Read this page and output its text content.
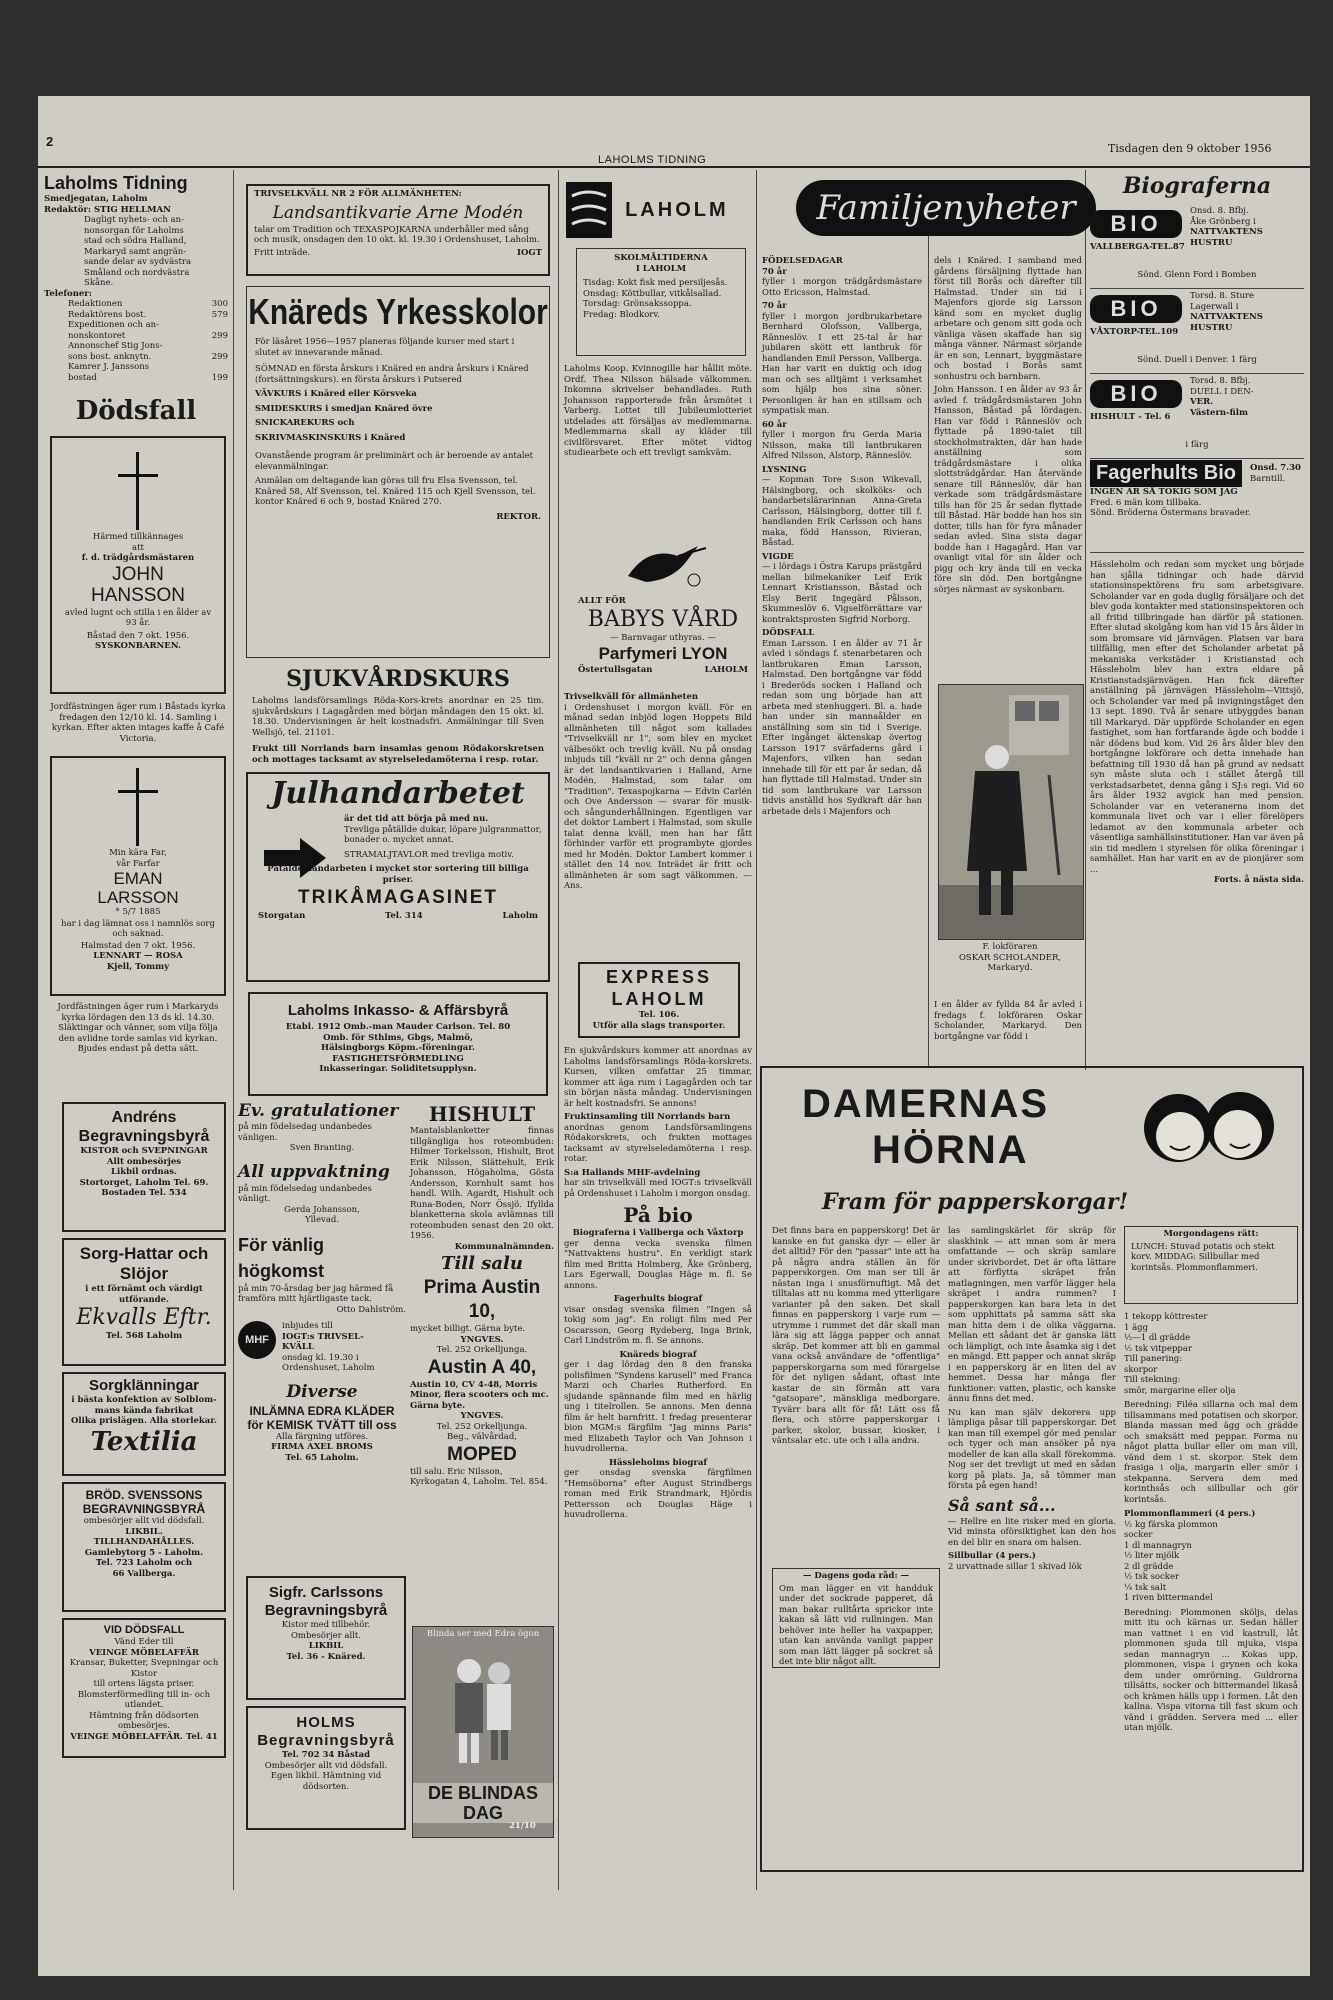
2
LAHOLMS TIDNING
Tisdagen den 9 oktober 1956
Laholms Tidning
Smedjegatan, Laholm
Redaktör: STIG HELLMAN
Dagligt nyhets- och an-
nonsorgan för Laholms
stad och södra Halland,
Markaryd samt angrän-
sande delar av sydvästra
Småland och nordvästra
Skåne.
Telefoner:
Redaktionen	300
Redaktörens bost.	579
Expeditionen och an-
nonskontoret	299
Annonschef Stig Jons-
sons bost. anknytn.	299
Kamrer J. Janssons
bostad	199
Dödsfall
Härmed tillkännages
att
f. d. trädgårdsmästaren
JOHN
HANSSON
avled lugnt och stilla i en ålder av 93 år.
Båstad den 7 okt. 1956.
SYSKONBARNEN.
Jordfästningen äger rum i Båstads kyrka fredagen den 12/10 kl. 14. Samling i kyrkan. Efter akten intages kaffe å Café Victoria.
Min kära Far,
vår Farfar
EMAN
LARSSON
* 5/7 1885
har i dag lämnat oss i namnlös sorg och saknad.
Halmstad den 7 okt. 1956.
LENNART — ROSA
Kjell, Tommy
Jordfästningen äger rum i Markaryds kyrka lördagen den 13 ds kl. 14.30. Släktingar och vänner, som vilja följa den avlidne torde samlas vid kyrkan. Bjudes endast på detta sätt.
Andréns Begravningsbyrå
KISTOR och SVEPNINGAR
Allt ombesörjes
Likbil ordnas.
Stortorget, Laholm Tel. 69.
Bostaden Tel. 534
Sorg-Hattar och Slöjor
i ett förnämt och värdigt
utförande.
Ekvalls Eftr.
Tel. 568 Laholm
Sorgklänningar
i bästa konfektion av Solblom-
mans kända fabrikat
Olika prislägen. Alla storlekar.
Textilia
BRÖD. SVENSSONS BEGRAVNINGSBYRÅ
ombesörjer allt vid dödsfall.
LIKBIL.
TILLHANDAHÅLLES.
Gamlebytorg 5 - Laholm.
Tel. 723 Laholm och
66 Vallberga.
VID DÖDSFALL
Vänd Eder till
VEINGE MÖBELAFFÄR
Kransar, Buketter, Svepningar och Kistor
till ortens lägsta priser.
Blomsterförmedling till in- och utlandet.
Hämtning från dödsorten ombesörjes.
VEINGE MÖBELAFFÄR. Tel. 41
TRIVSELKVÄLL NR 2 FÖR ALLMÄNHETEN:
Landsantikvarie Arne Modén
talar om Tradition och TEXASPOJKARNA underhåller med sång och musik, onsdagen den 10 okt. kl. 19.30 i Ordenshuset, Laholm.
Fritt inträde.	IOGT
Knäreds Yrkesskolor
För läsåret 1956—1957 planeras följande kurser med start i slutet av innevarande månad.
SÖMNAD en första årskurs i Knäred en andra årskurs i Knäred (fortsättningskurs). en första årskurs i Putsered
VÄVKURS i Knäred eller Körsveka
SMIDESKURS i smedjan Knäred övre
SNICKAREKURS och
SKRIVMASKINSKURS i Knäred
Ovanstående program är preliminärt och är beroende av antalet elevanmälningar.
Anmälan om deltagande kan göras till fru Elsa Svensson, tel. Knäred 58, Alf Svensson, tel. Knäred 115 och Kjell Svensson, tel. kontor Knäred 6 och 9, bostad Knäred 270.
REKTOR.
SJUKVÅRDSKURS
Laholms landsförsamlings Röda-Kors-krets anordnar en 25 tim. sjukvårdskurs i Lagagården med början måndagen den 15 okt. kl. 18.30. Undervisningen är helt kostnadsfri. Anmälningar till Sven Wellsjö, tel. 21101.
Frukt till Norrlands barn insamlas genom Rödakorskretsen och mottages tacksamt av styrelseledamöterna i resp. rotar.
Julhandarbetet
är det tid att börja på med nu.
Trevliga påtällde dukar, löpare julgranmattor, bonader o. mycket annat.
STRAMALJTAVLOR med trevliga motiv.
Påtälde handarbeten i mycket stor sortering till billiga priser.
TRIKÅMAGASINET
Storgatan	Tel. 314	Laholm
Laholms Inkasso- & Affärsbyrå
Etabl. 1912 Omb.-man Mauder Carlson. Tel. 80
Omb. för Sthlms, Gbgs, Malmö,
Hälsingborgs Köpm.-föreningar.
FASTIGHETSFÖRMEDLING
Inkasseringar. Soliditetsupplysn.
Ev. gratulationer
på min födelsedag undanbedes vänligen.
Sven Branting.
All uppvaktning
på min födelsedag undanbedes vänligt.
Gerda Johansson,
Yllevad.
För vänlig högkomst
på min 70-årsdag ber jag härmed få framföra mitt hjärtligaste tack.
Otto Dahlström.
MHF
inbjudes till
IOGT:s TRIVSEL-
KVÄLL
onsdag kl. 19.30 i
Ordenshuset, Laholm
Diverse
INLÄMNA EDRA KLÄDER
för KEMISK TVÄTT till oss
Alla färgning utföres.
FIRMA AXEL BROMS
Tel. 65 Laholm.
Sigfr. Carlssons Begravningsbyrå
Kistor med tillbehör.
Ombesörjer allt.
LIKBIL
Tel. 36 - Knäred.
HOLMS Begravningsbyrå
Tel. 702 34 Båstad
Ombesörjer allt vid dödsfall.
Egen likbil. Hämtning vid
dödsorten.
HISHULT
Mantalsblanketter finnas tillgängliga hos roteombuden: Hilmer Torkelsson, Hishult, Brot Erik Nilsson, Slättehult, Erik Johansson, Högaholma, Gösta Andersson, Kornhult samt hos handl. Wilh. Agardt, Hishult och Runa-Boden, Norr Össjö. Ifyllda blanketterna skola avlämnas till roteombuden senast den 20 okt. 1956.
Kommunalnämnden.
Till salu
Prima Austin 10,
mycket billigt. Gärna byte.
YNGVES.
Tel. 252 Orkelljunga.
Austin A 40,
Austin 10, CV 4-48, Morris Minor, flera scooters och mc. Gärna byte.
YNGVES.
Tel. 252 Orkelljunga.
Beg., välvårdad,
MOPED
till salu. Eric Nilsson, Kyrkogatan 4, Laholm. Tel. 854.
Blinda ser med Edra ögon
DE BLINDAS DAG
21/10
LAHOLM
SKOLMÅLTIDERNA
I LAHOLM
Tisdag: Kokt fisk med persiljesås.
Onsdag: Köttbullar, vitkålsallad.
Torsdag: Grönsakssoppa.
Fredag: Blodkorv.
Laholms Koop. Kvinnogille har hållit möte. Ordf. Thea Nilsson hälsade välkommen. Inkomna skrivelser behandlades. Ruth Johansson rapporterade från årsmötet i Varberg. Lottet till Jubileumlotteriet utdelades att försäljas av medlemmarna. Medlemmarna skall ay kläder till civilförsvaret. Efter mötet vidtog studiearbete och ett trevligt samkväm.
ALLT FÖR
BABYS VÅRD
— Barnvagar uthyras. —
Parfymeri LYON
Östertullsgatan	LAHOLM
Trivselkväll för allmänheten
i Ordenshuset i morgon kväll. För en månad sedan inbjöd logen Hoppets Bild allmänheten till något som kallades "Trivselkväll nr 1", som blev en mycket välbesökt och trevlig kväll. Nu på onsdag inbjuds till "kväll nr 2" och denna gången är det landsantikvarien i Halland, Arne Modén, Halmstad, som talar om "Tradition". Texaspojkarna — Edvin Carlén och Ove Andersson — svarar för musik- och sångunderhållningen. Egentligen var det doktor Lambert i Halmstad, som skulle talat denna kväll, men han har fått förhinder varför ett programbyte gjordes med hr Modén. Doktor Lambert kommer i stället den 14 nov. Inträdet är fritt och allmänheten är som sagt välkommen. — Ans.
EXPRESS LAHOLM
Tel. 106.
Utför alla slags transporter.

En sjukvårdskurs kommer att anordnas av Laholms landsförsamlings Röda-korskrets. Kursen, vilken omfattar 25 timmar, kommer att äga rum i Lagagården och tar sin början nästa måndag. Undervisningen är helt kostnadsfri. Se annons!

Fruktinsamling till Norrlands barn

anordnas genom Landsförsamlingens Rödakorskrets, och frukten mottages tacksamt av styrelseledamöterna i resp. rotar.

S:a Hallands MHF-avdelning

har sin trivselkväll med IOGT:s trivselkväll på Ordenshuset i Laholm i morgon onsdag.

På bio
Biograferna i Vallberga och Våxtorp

ger denna vecka svenska filmen "Nattvaktens hustru". En verkligt stark film med Britta Holmberg, Åke Grönberg, Lars Egerwall, Douglas Häge m. fl. Se annons.

Fagerhults biograf

visar onsdag svenska filmen "Ingen så tokig som jag". En roligt film med Per Oscarsson, Georg Rydeberg, Inga Brink, Carl Lindström m. fl. Se annons.

Knäreds biograf

ger i dag lördag den 8 den franska polisfilmen "Syndens karusell" med Franca Marzi och Charles Rutherford. En sjudande spännande film med en härlig ung i titelrollen. Se annons. Men denna film är helt barnfritt. I fredag presenterar bion MGM:s färgfilm "Jag minns Paris" med Elizabeth Taylor och Van Johnson i huvudrollerna.

Hässleholms biograf

ger onsdag svenska färgfilmen "Hemsöborna" efter August Strindbergs roman med Erik Strandmark, Hjördis Pettersson och Douglas Häge i huvudrollerna.

Familjenyheter
FÖDELSEDAGAR
70 år

fyller i morgon trädgårdsmästare Otto Ericsson, Halmstad.

70 år

fyller i morgon jordbrukarbetare Bernhard Olofsson, Vallberga, Ränneslöv. I ett 25-tal år har jubilaren skött ett lantbruk för handlanden Emil Persson, Vallberga. Han har varit en duktig och idog man och ses alltjämt i verksamhet som hjälp hos sina söner. Personligen är han en stillsam och sympatisk man.

60 år

fyller i morgon fru Gerda Maria Nilsson, maka till lantbrukaren Alfred Nilsson, Alstorp, Ränneslöv.

LYSNING

— Kopman Tore S:son Wikevall, Hälsingborg, och skolköks- och handarbetslärarinnan Anna-Greta Carlsson, Hälsingborg, dotter till f. handlanden Erik Carlsson och hans maka, född Hansson, Rivieran, Båstad.

VIGDE

— i lördags i Östra Karups prästgård mellan bilmekaniker Leif Erik Lennart Kristiansson, Båstad och Elsy Berit Ingegärd Pålsson, Skummeslöv 6. Vigselförrättare var kontraktsprosten Sigfrid Norborg.

DÖDSFALL

Eman Larsson. I en ålder av 71 år avled i söndags f. stenarbetaren och lantbrukaren Eman Larsson, Halmstad. Den bortgångne var född i Brederöds socken i Halland och redan som ung började han att arbeta med stenhuggeri. Bl. a. hade han under sin mannaålder en anställning som sin tid i Sverige. Efter ingånget äktenskap övertog Larsson 1917 svärfaderns gård i Majenfors, vilken han sedan innehade till för ett par år sedan, då han flyttade till Halmstad. Under sin tid som lantbrukare var Larsson tidvis anställd hos Sydkraft där han arbetade dels i Majenfors och

dels i Knäred. I samband med gårdens försäljning flyttade han först till Borås och därefter till Halmstad. Under sin tid i Majenfors gjorde sig Larsson känd som en mycket duglig arbetare och genom sitt goda och vänliga väsen skaffade han sig många vänner. Närmast sörjande är en son, Lennart, byggmästare och bostad i Borås samt sonhustru och barnbarn.

John Hansson. I en ålder av 93 år avled f. trädgårdsmästaren John Hansson, Båstad på lördagen. Han var född i Ränneslöv och flyttade på 1890-talet till stockholmstrakten, där han hade anställning som trädgårdsmästare i olika slottsträdgårdar. Han återvände senare till Ränneslöv, där han verkade som trädgårdsmästare tills han för 25 år sedan flyttade till Båstad. Här bodde han hos sin dotter, tills han för fyra månader sedan avled. Sina sista dagar bodde han i Hagagård. Han var ovanligt vital för sin ålder och pigg och kry ända till en vecka före sin död. Den bortgångne sörjes närmast av syskonbarn.

F. lokföraren
OSKAR SCHOLANDER,
Markaryd.
I en ålder av fyllda 84 år avled i fredags f. lokföraren Oskar Scholander, Markaryd. Den bortgångne var född i
Biograferna
BIO
VALLBERGA-TEL.87
Onsd. 8. Bfbj.
Åke Grönberg i
NATTVAKTENS
HUSTRU
Sönd. Glenn Ford i Bomben
BIO
VÅXTORP-TEL.109
Torsd. 8. Sture
Lagerwall i
NATTVAKTENS
HUSTRU
Sönd. Duell i Denver. 1 färg
BIO
HISHULT - Tel. 6
Torsd. 8. Bfbj.
DUELL I DEN-
VER.
Västern-film
i färg
Fagerhults Bio	Onsd. 7.30
Barntill.
INGEN ÄR SÅ TOKIG SOM JAG
Fred. 6 män kom tillbaka.
Sönd. Bröderna Östermans bravader.
Hässleholm och redan som mycket ung började han sjålla tidningar och hade därvid stationsinspektörens fru som arbetsgivare. Scholander var en goda duglig försäljare och det blev goda kontakter med stationsinspektoren och all fritid tillbringade han därför på stationen. Efter slutad skolgång kom han vid 15 års ålder in som bromsare vid järnvägen. Platsen var bara tillfällig, men efter det Scholander arbetat på mekaniska verkstäder i Kristianstad och Hässleholm blev han extra eldare på Kristianstadsjärnvägen. Han fick därefter anställning på järnvägen Hässleholm—Vittsjö, och Scholander var med på invigningståget den 13 sept. 1890. Två år senare utbyggdes banan till Markaryd. Där uppförde Scholander en egen fastighet, som han fortfarande ägde och bodde i när dödens bud kom. Vid 26 års ålder blev den bortgångne lokförare och detta innehade han befattning till 1930 då han på grund av nedsatt syn måste sluta och i stället återgå till verkstadsarbetet, denna gång i SJ:s regi. Vid 60 års ålder 1932 avgick han med pension. Scholander var en veteranerna inom det kommunala livet och var i eller förelöpers ledamot av den kommunala arbeter och väsentliga samhällsinstitutioner. Han var även på sin tid medlem i styrelsen för olika föreningar i samhället. Han har varit en av de pionjärer som ...
Forts. å nästa sida.
DAMERNAS
HÖRNA
Fram för papperskorgar!

Det finns bara en papperskorg! Det är kanske en fut ganska dyr — eller är det alltid? För den "passar" inte att ha på några andra ställen än för papperskorgen. Om man ser till är nästan inga i snusförnuftigt. Må det tilltalas att nu komma med ytterligare varianter på den saken. Det skall finnas en papperskorg i varje rum — utrymme i rummet det där skall man lära sig att lägga papper och annat skräp. Det kommer att bli en gammal vana också användare de "offentliga" papperskorgarna som med förargelse för det nyligen sådant, oftast inte kastar de sin förmån att vara "gatsopare", mänskliga medborgare. Tyvärr bara allt för få! Lätt oss få flera, och större papperskorgar i parker, skolor, bussar, kiosker, i väntsalar etc. ute och i alla andra.

— Dagens goda råd: —
Om man lägger en vit handduk under det sockrade papperet, då man bakar rulltårta sprickor inte kakan så lätt vid rullningen. Man behöver inte heller ha vaxpapper, utan kan använda vanligt papper som man lätt lägger på sockret så det inte blir något allt.

las samlingskärlet för skräp för slaskhink — att mnan som är mera omfattande — och skräp samlare under skrivbordet. Det är ofta lättare att förflytta skräpet från matlagningen, men varför lägger hela skräpet i andra rummen? I papperskorgen kan bara leta in det som upphittats på samma sätt ska man hitta dem i de olika väggarna. Mellan ett sådant det är ganska lätt och lämpligt, och inte åsamka sig i det en mängd. Ett papper och annat skräp i en papperskorg är en liten del av hemmet. Dessa har många fler funktioner: vatten, plastic, och kanske ännu finns det med.

Nu kan man själv dekorera upp lämpliga påsar till papperskorgar. Det kan man till exempel gör med penslar och tyger och man ansöker på nya modeller de kan alla skall förekomma. Nog ser det trevligt ut med en sådan korg på plats. Ja, så tömmer man första på egen hand!

Så sant så...

— Hellre en lite risker med en gloria. Vid minsta oförsiktighet kan den hos en del blir en snara om halsen.

Sillbullar (4 pers.)

2 urvattnade sillar 1 skivad lök

Morgondagens rätt:
LUNCH: Stuvad potatis och stekt korv. MIDDAG: Sillbullar med korintsås. Plommonflammeri.
1 tekopp köttrester
1 ägg
½—1 dl grädde
½ tsk vitpeppar
Till panering:
skorpor
Till stekning:
smör, margarine eller olja

Beredning: Filéa sillarna och mal dem tillsammans med potatisen och skorpor. Blanda massan med ägg och grädde och smaksätt med peppar. Forma nu något platta bullar eller om man vill, vänd dem i st. skorpor. Stek dem frasiga i olja, margarin eller smör i stekpanna. Servera dem med korinthsås och sillbullar och gör korintsås.

Plommonflammeri (4 pers.)
½ kg färska plommon
socker
1 dl mannagryn
½ liter mjölk
2 dl grädde
½ tsk socker
¼ tsk salt
1 riven bittermandel

Beredning: Plommonen sköljs, delas mitt itu och kärnas ur. Sedan häller man vattnet i en vid kastrull, låt plommonen sjuda till mjuka, vispa sedan mannagryn ... Kokas upp, plommonen, vispa i grynen och koka dem under omrörning. Guldrorna tillsätts, socker och bittermandel likaså och krämen hälls upp i formen. Låt den kallna. Vispa vitorna till fast skum och vänd i grädden. Servera med ... eller utan mjölk.
